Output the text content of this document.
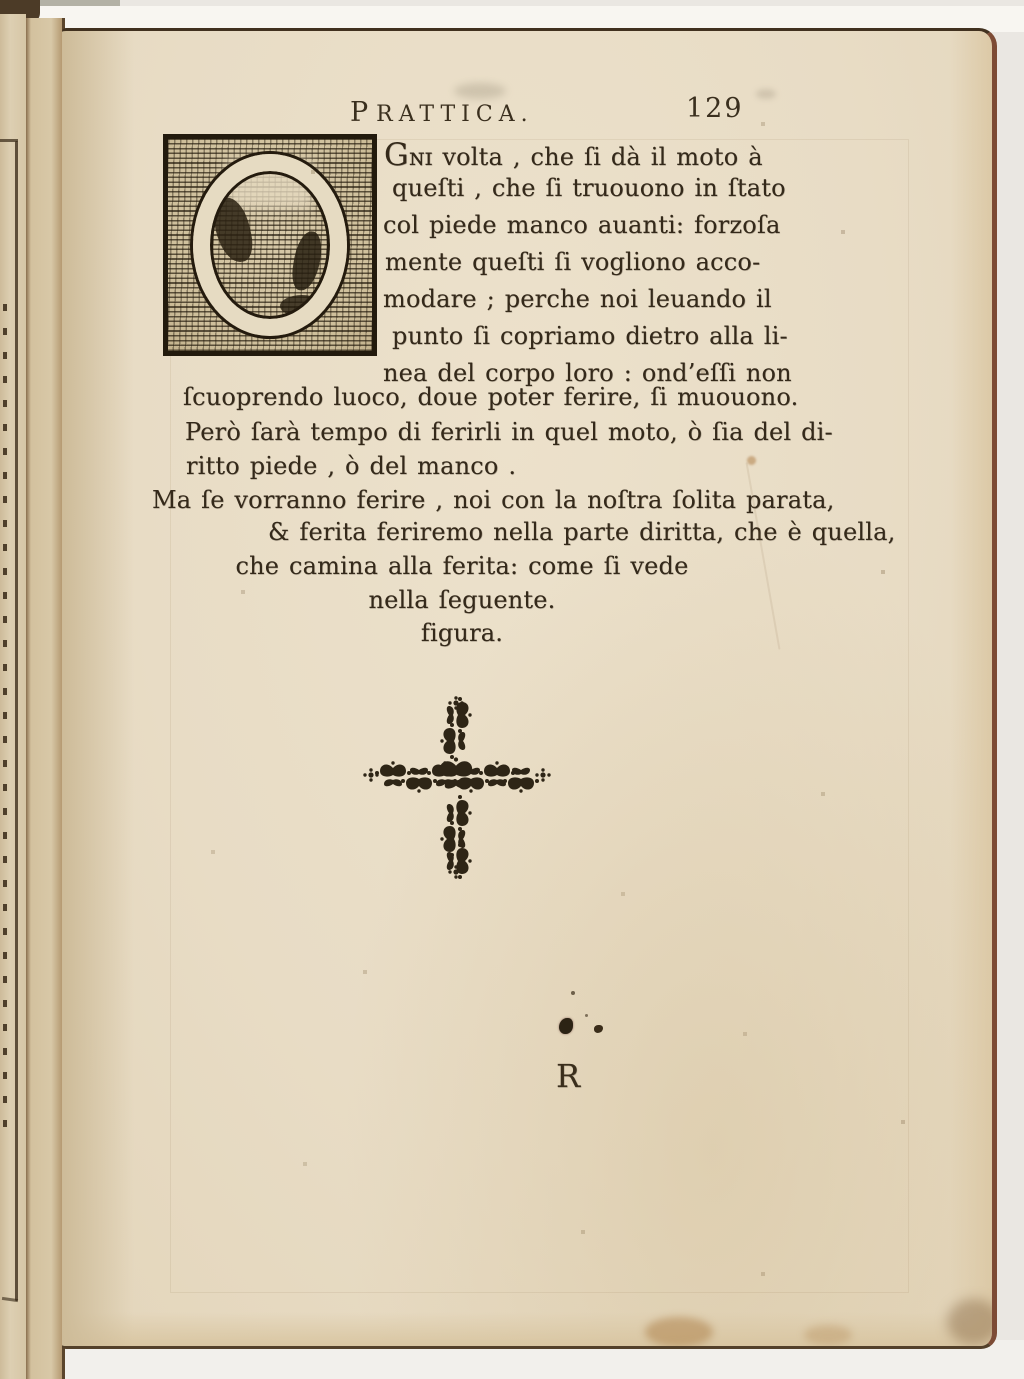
PRATTICA.	129
Gɴɪ volta , che ſi dà il moto à
queſti , che ſi truouono in ſtato
col piede manco auanti: forzoſa
mente queſti ſi vogliono acco-
modare ; perche noi leuando il
punto ſi copriamo dietro alla li-
nea del corpo loro : ond’eſſi non
ſcuoprendo luoco, doue poter ferire, ſi muouono.
Però ſarà tempo di ferirli in quel moto, ò ſia del di-
ritto piede , ò del manco .
Ma ſe vorranno ferire , noi con la noſtra ſolita parata,
& ferita feriremo nella parte diritta, che è quella,
che camina alla ferita: come ſi vede
nella ſeguente.
figura.
R
